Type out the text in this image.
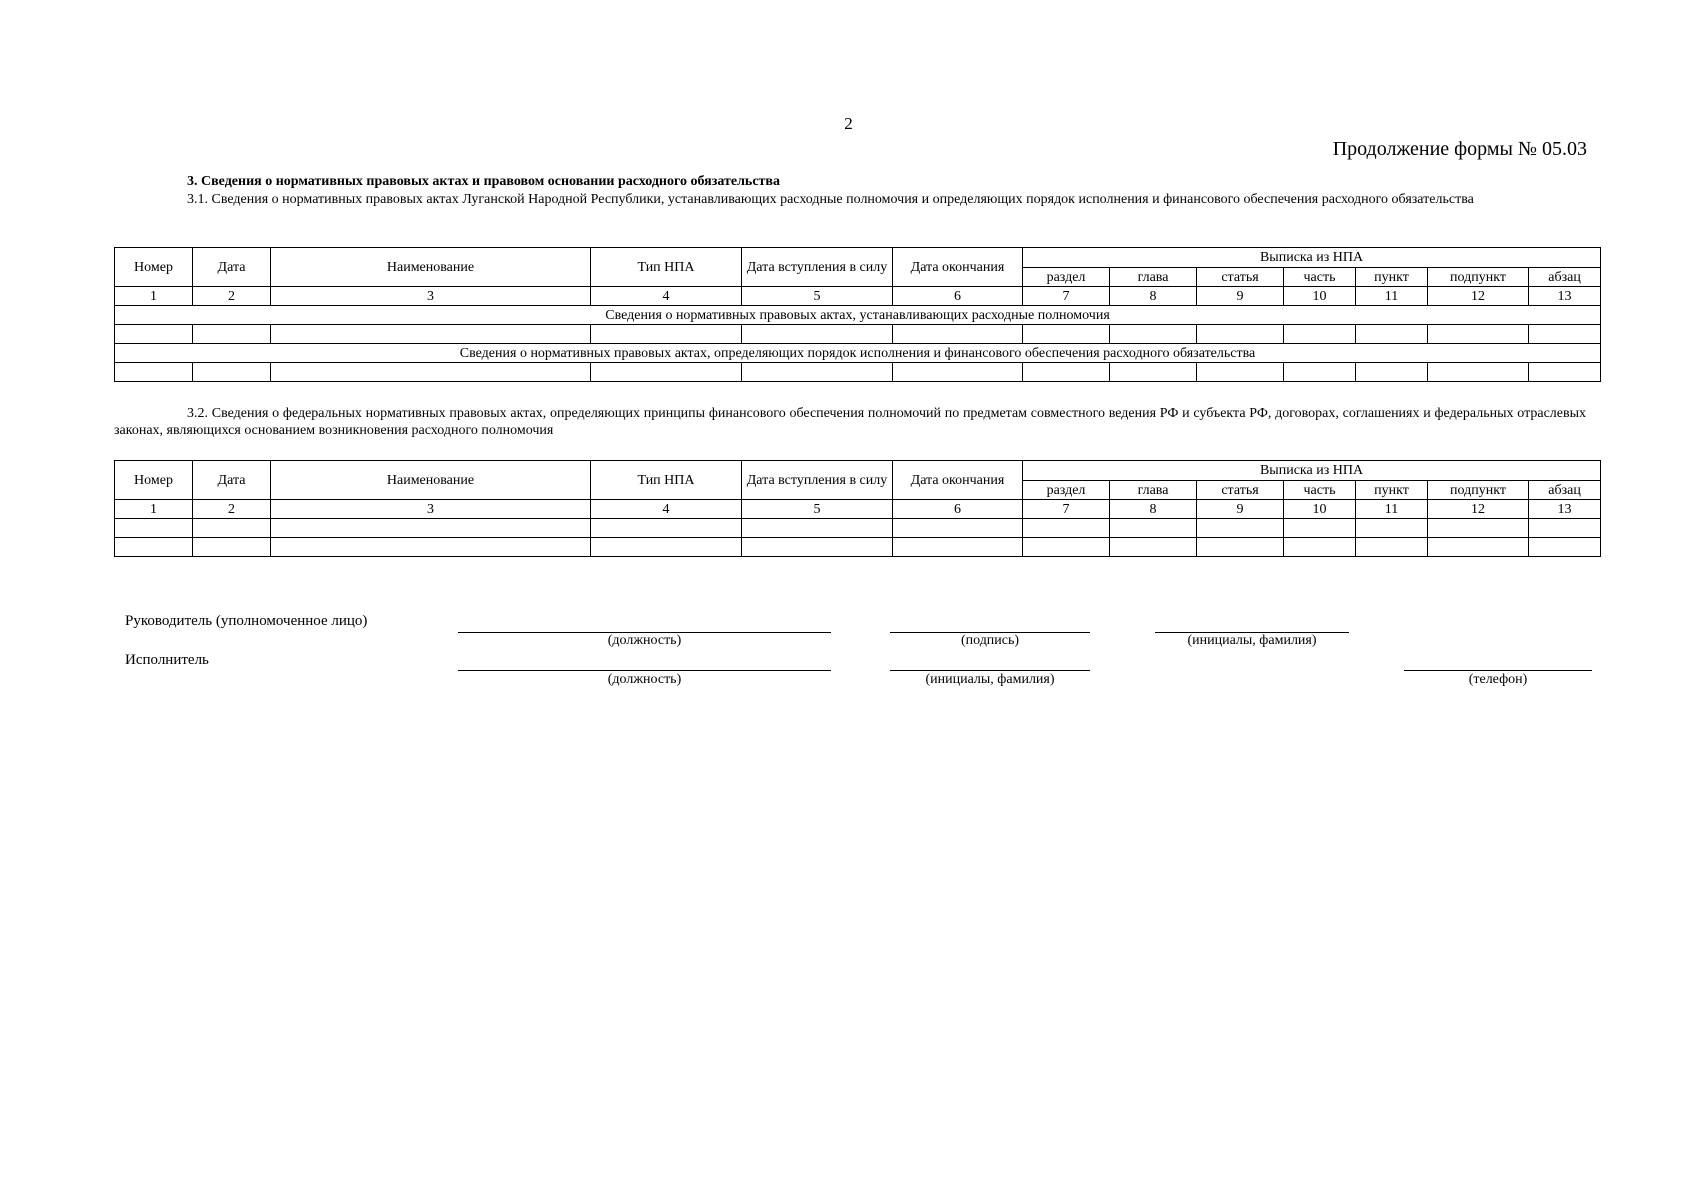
2
Продолжение формы № 05.03
3. Сведения о нормативных правовых актах и правовом основании расходного обязательства
3.1. Сведения о нормативных правовых актах Луганской Народной Республики, устанавливающих расходные полномочия и определяющих порядок исполнения и финансового обеспечения расходного обязательства
Номер	Дата	Наименование	Тип НПА	Дата вступления в силу	Дата окончания	Выписка из НПА						
						раздел	глава	статья	часть	пункт	подпункт	абзац
1	2	3	4	5	6	7	8	9	10	11	12	13
Сведения о нормативных правовых актах, устанавливающих расходные полномочия												

Сведения о нормативных правовых актах, определяющих порядок исполнения и финансового обеспечения расходного обязательства												

3.2. Сведения о федеральных нормативных правовых актах, определяющих принципы финансового обеспечения полномочий по предметам совместного ведения РФ и субъекта РФ, договорах, соглашениях и федеральных отраслевых законах, являющихся основанием возникновения расходного полномочия
Номер	Дата	Наименование	Тип НПА	Дата вступления в силу	Дата окончания	Выписка из НПА						
						раздел	глава	статья	часть	пункт	подпункт	абзац
1	2	3	4	5	6	7	8	9	10	11	12	13

Руководитель (уполномоченное лицо)
(должность)	(подпись)	(инициалы, фамилия)
Исполнитель
(должность)	(инициалы, фамилия)	(телефон)
